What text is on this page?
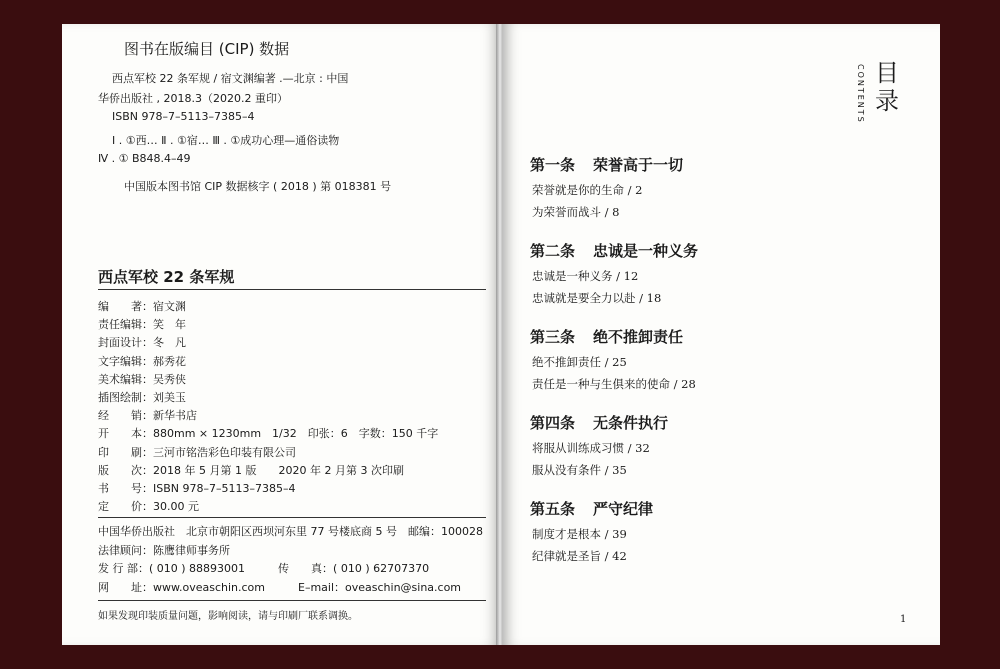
图书在版编目 (CIP) 数据
西点军校 22 条军规 / 宿文渊编著 .—北京 : 中国
华侨出版社 , 2018.3（2020.2 重印）
ISBN 978–7–5113–7385–4
Ⅰ . ①西… Ⅱ . ①宿… Ⅲ . ①成功心理—通俗读物
Ⅳ . ① B848.4–49
中国版本图书馆 CIP 数据核字 ( 2018 ) 第 018381 号
西点军校 22 条军规
编　　著：宿文渊
责任编辑：笑　年
封面设计：冬　凡
文字编辑：郝秀花
美术编辑：吴秀侠
插图绘制：刘美玉
经　　销：新华书店
开　　本：880mm × 1230mm　1/32　印张：6　字数：150 千字
印　　刷：三河市铭浩彩色印装有限公司
版　　次：2018 年 5 月第 1 版　　2020 年 2 月第 3 次印刷
书　　号：ISBN 978–7–5113–7385–4
定　　价：30.00 元
中国华侨出版社　北京市朝阳区西坝河东里 77 号楼底商 5 号　邮编：100028
法律顾问：陈鹰律师事务所
发 行 部：( 010 ) 88893001　　　传　　真：( 010 ) 62707370
网　　址：www.oveaschin.com　　　E–mail：oveaschin@sina.com
如果发现印装质量问题，影响阅读，请与印刷厂联系调换。
CONTENTS 目录
第一条 荣誉高于一切
荣誉就是你的生命 / 2
为荣誉而战斗 / 8
第二条 忠诚是一种义务
忠诚是一种义务 / 12
忠诚就是要全力以赴 / 18
第三条 绝不推卸责任
绝不推卸责任 / 25
责任是一种与生俱来的使命 / 28
第四条 无条件执行
将服从训练成习惯 / 32
服从没有条件 / 35
第五条 严守纪律
制度才是根本 / 39
纪律就是圣旨 / 42
1
